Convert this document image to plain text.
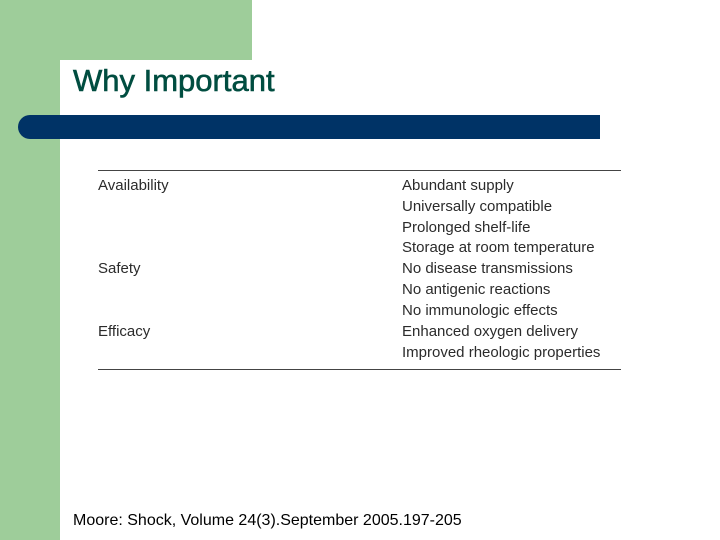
Why Important
Availability
Safety
Efficacy
Abundant supply
Universally compatible
Prolonged shelf-life
Storage at room temperature
No disease transmissions
No antigenic reactions
No immunologic effects
Enhanced oxygen delivery
Improved rheologic properties
Moore: Shock, Volume 24(3).September 2005.197-205
